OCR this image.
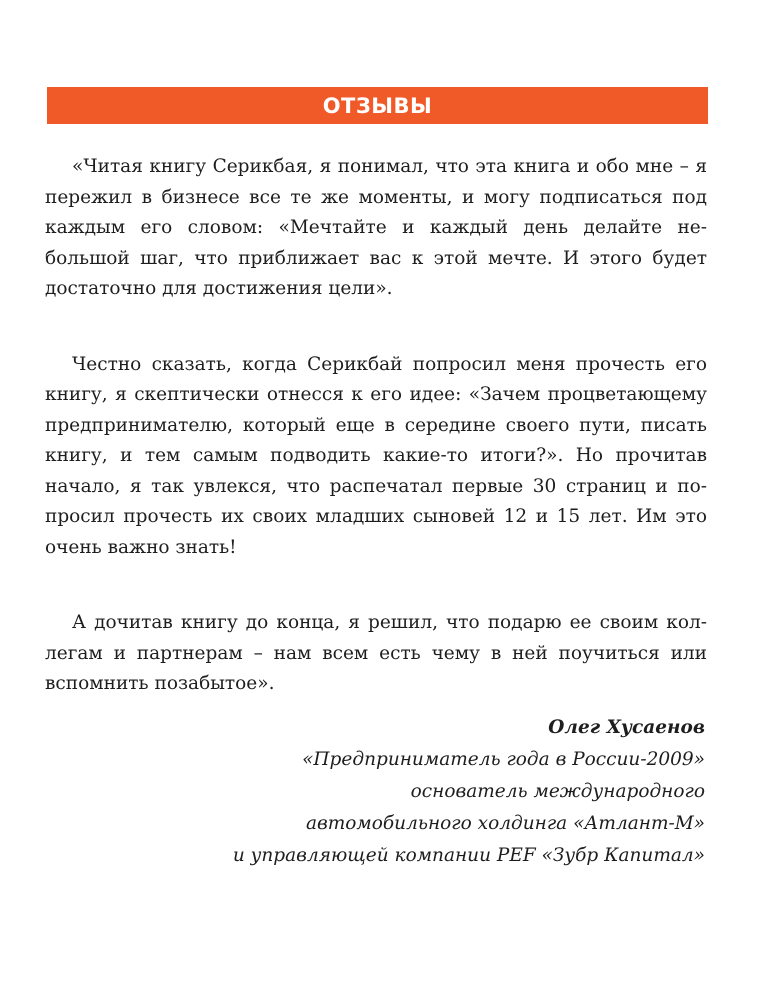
ОТЗЫВЫ

«Читая книгу Серикбая, я понимал, что эта книга и обо мне – я пережил в бизнесе все те же моменты, и могу подписаться под каждым его словом: «Мечтайте и каждый день делайте небольшой шаг, что приближает вас к этой мечте. И этого будет достаточно для достижения цели».

Честно сказать, когда Серикбай попросил меня прочесть его книгу, я скептически отнесся к его идее: «Зачем процветающему предпринимателю, который еще в середине своего пути, писать книгу, и тем самым подводить какие-то итоги?». Но прочитав начало, я так увлекся, что распечатал первые 30 страниц и попросил прочесть их своих младших сыновей 12 и 15 лет. Им это очень важно знать!

А дочитав книгу до конца, я решил, что подарю ее своим коллегам и партнерам – нам всем есть чему в ней поучиться или вспомнить позабытое».

Олег Хусаенов
«Предприниматель года в России-2009»
основатель международного
автомобильного холдинга «Атлант-М»
и управляющей компании PEF «Зубр Капитал»
